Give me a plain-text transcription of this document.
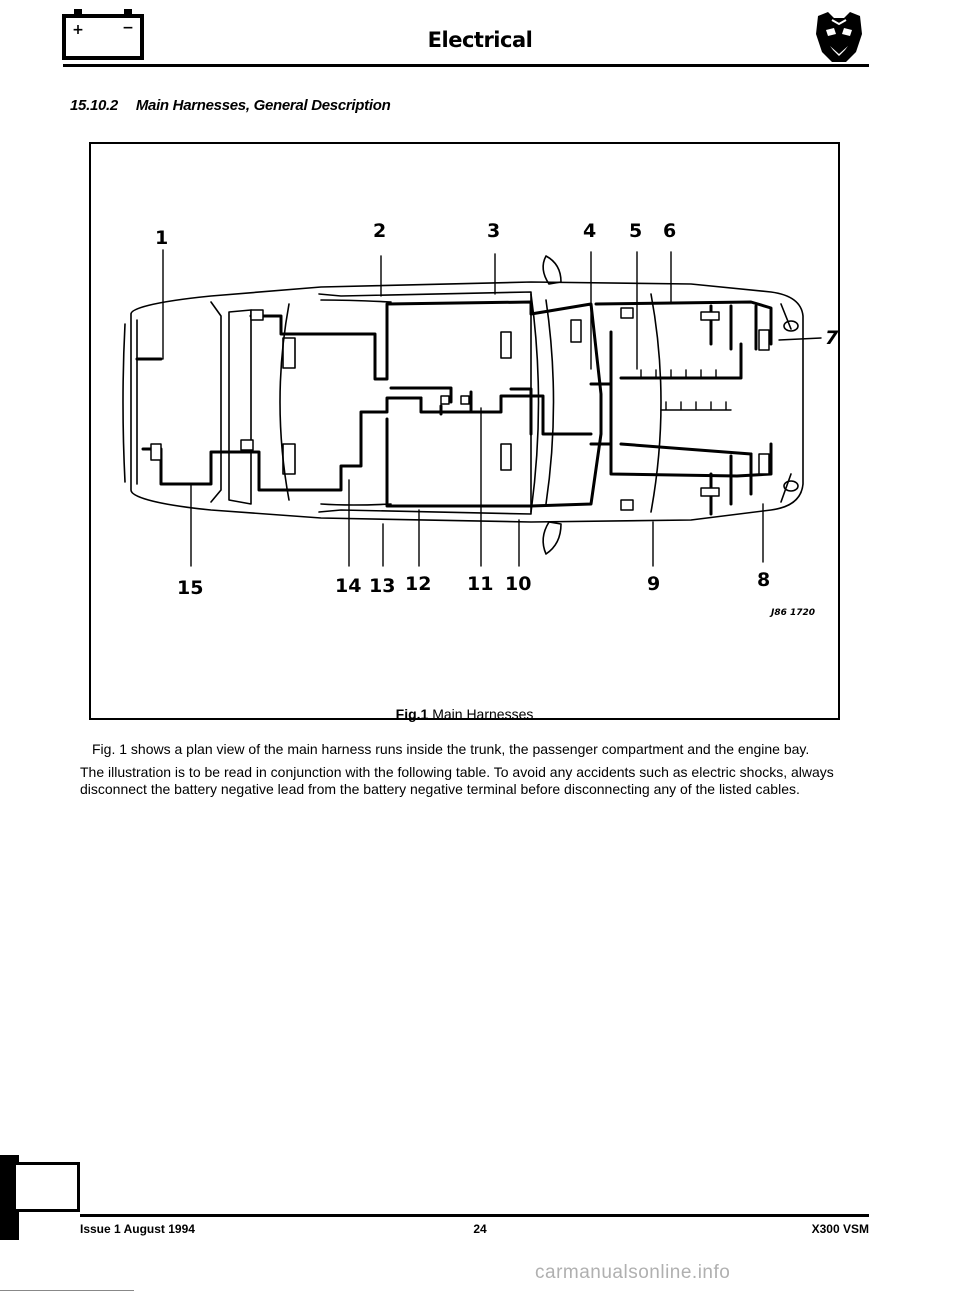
+	−	Electrical
15.10.2 Main Harnesses, General Description
1	2	3	4 5 6
7
8
9
10
11
12
13
14
15
J86 1720
Fig.1 Main Harnesses

Fig. 1 shows a plan view of the main harness runs inside the trunk, the passenger compartment and the engine bay.

The illustration is to be read in conjunction with the following table. To avoid any accidents such as electric shocks, always disconnect the battery negative lead from the battery negative terminal before disconnecting any of the listed cables.

Issue 1 August 1994	24	X300 VSM
carmanualsonline.info
